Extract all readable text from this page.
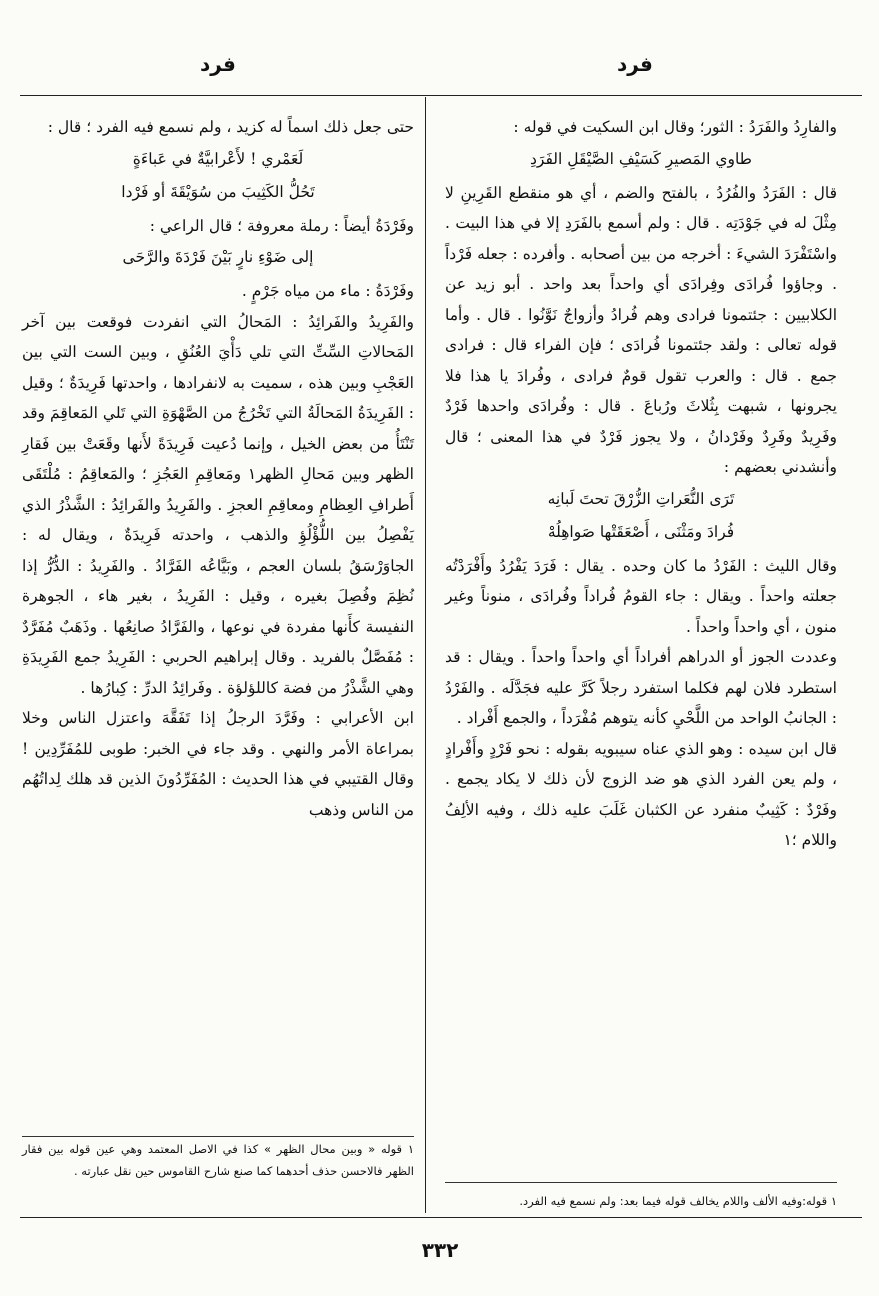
فرد	فرد

والفارِدُ والفَرَدُ : الثور؛ وقال ابن السكيت في قوله :

طاوي المَصيرِ كَسَيْفِ الصَّيْقَلِ الفَرَدِ

قال : الفَرَدُ والفُرُدُ ، بالفتح والضم ، أي هو منقطع القَرِينِ لا مِثْلَ له في جَوْدَتِه . قال : ولم أسمع بالفَرَدِ إلا في هذا البيت . واسْتَفْرَدَ الشيءَ : أخرجه من بين أصحابه . وأفرده : جعله فَرْداً . وجاؤوا فُرادَى وفِرادَى أي واحداً بعد واحد . أبو زيد عن الكلابيين : جئتمونا فرادى وهم فُرادُ وأزواجٌ نَوَّنُوا . قال . وأما قوله تعالى : ولقد جئتمونا فُرادَى ؛ فإن الفراء قال : فرادى جمع . قال : والعرب تقول قومٌ فرادى ، وفُرادَ يا هذا فلا يجرونها ، شبهت بِثُلاثَ ورُباعَ . قال : وفُرادَى واحدها فَرْدٌ وفَرِيدٌ وفَرِدٌ وفَرْدانُ ، ولا يجوز فَرْدٌ في هذا المعنى ؛ قال وأنشدني بعضهم :

تَرَى النُّعَراتِ الزُّرْقَ تحتَ لَبانِه
فُرادَ ومَثْنَى ، أَصْعَقَتْها صَواهِلُهْ

وقال الليث : الفَرْدُ ما كان وحده . يقال : فَرَدَ يَفْرُدُ وأَفْرَدْتُه جعلته واحداً . ويقال : جاء القومُ فُراداً وفُرادَى ، منوناً وغير منون ، أي واحداً واحداً .

وعددت الجوز أو الدراهم أفراداً أي واحداً واحداً . ويقال : قد استطرد فلان لهم فكلما استفرد رجلاً كَرَّ عليه فجَدَّلَه . والفَرْدُ : الجانبُ الواحد من اللَّحْيِ كأنه يتوهم مُفْرَداً ، والجمع أَفْراد .

قال ابن سيده : وهو الذي عناه سيبويه بقوله : نحو فَرْدٍ وأَفْرادٍ ، ولم يعن الفرد الذي هو ضد الزوج لأن ذلك لا يكاد يجمع . وفَرْدٌ : كَثِيبٌ منفرد عن الكثبان غَلَبَ عليه ذلك ، وفيه الألِفُ واللام ؛١

حتى جعل ذلك اسماً له كزيد ، ولم نسمع فيه الفرد ؛ قال :

لَعَمْري ! لأَعْرابيَّةٌ في عَباءَةٍ
تَحُلُّ الكَثِيبَ من سُوَيْقَةَ أو فَرْدا

وفَرْدَةُ أيضاً : رملة معروفة ؛ قال الراعي :

إلى ضَوْءِ نارٍ بَيْنَ فَرْدَةَ والرَّحَى

وفَرْدَةُ : ماء من مياه جَرْمٍ .

والفَرِيدُ والفَرائِدُ : المَحالُ التي انفردت فوقعت بين آخر المَحالاتِ السِّتِّ التي تلي دَأْيَ العُنُقِ ، وبين الست التي بين العَجْبِ وبين هذه ، سميت به لانفرادها ، واحدتها فَرِيدَةٌ ؛ وقيل : الفَرِيدَةُ المَحالَةُ التي تَخْرُجُ من الصَّهْوَةِ التي تَلي المَعاقِمَ وقد تَنْتَأُ من بعض الخيل ، وإنما دُعيت فَرِيدَةً لأَنها وقَعَتْ بين فَقارِ الظهر وبين مَحالِ الظهر١ ومَعاقِمِ العَجُزِ ؛ والمَعاقِمُ : مُلْتَقَى أَطرافِ العِظامِ ومعاقِمِ العجزِ . والفَرِيدُ والفَرائِدُ : الشَّذْرُ الذي يَفْصِلُ بين اللُّؤْلُؤِ والذهب ، واحدته فَرِيدَةٌ ، ويقال له : الجاوَرْسَقُ بلسان العجم ، وبَيَّاعُه الفَرَّادُ . والفَرِيدُ : الدُّرُّ إذا نُظِمَ وفُصِلَ بغيره ، وقيل : الفَرِيدُ ، بغير هاء ، الجوهرة النفيسة كأَنها مفردة في نوعها ، والفَرَّادُ صانِعُها . وذَهَبٌ مُفَرَّدٌ : مُفَصَّلٌ بالفريد . وقال إبراهيم الحربي : الفَرِيدُ جمع الفَرِيدَةِ وهي الشَّذْرُ من فضة كاللؤلؤة . وفَرائِدُ الدرِّ : كِبارُها .

ابن الأعرابي : وفَرَّدَ الرجلُ إذا تَفَقَّهَ واعتزل الناس وخلا بمراعاة الأمر والنهي . وقد جاء في الخبر: طوبى للمُفَرِّدِين ! وقال القتيبي في هذا الحديث : المُفَرِّدُونَ الذين قد هلك لِداتُهُم من الناس وذهب

١ قوله « وبين محال الظهر » كذا في الاصل المعتمد وهي عين قوله بين فقار الظهر فالاحسن حذف أحدهما كما صنع شارح القاموس حين نقل عبارته .
١ قوله:وفيه الألف واللام يخالف قوله فيما بعد: ولم نسمع فيه الفرد.
٣٣٢
